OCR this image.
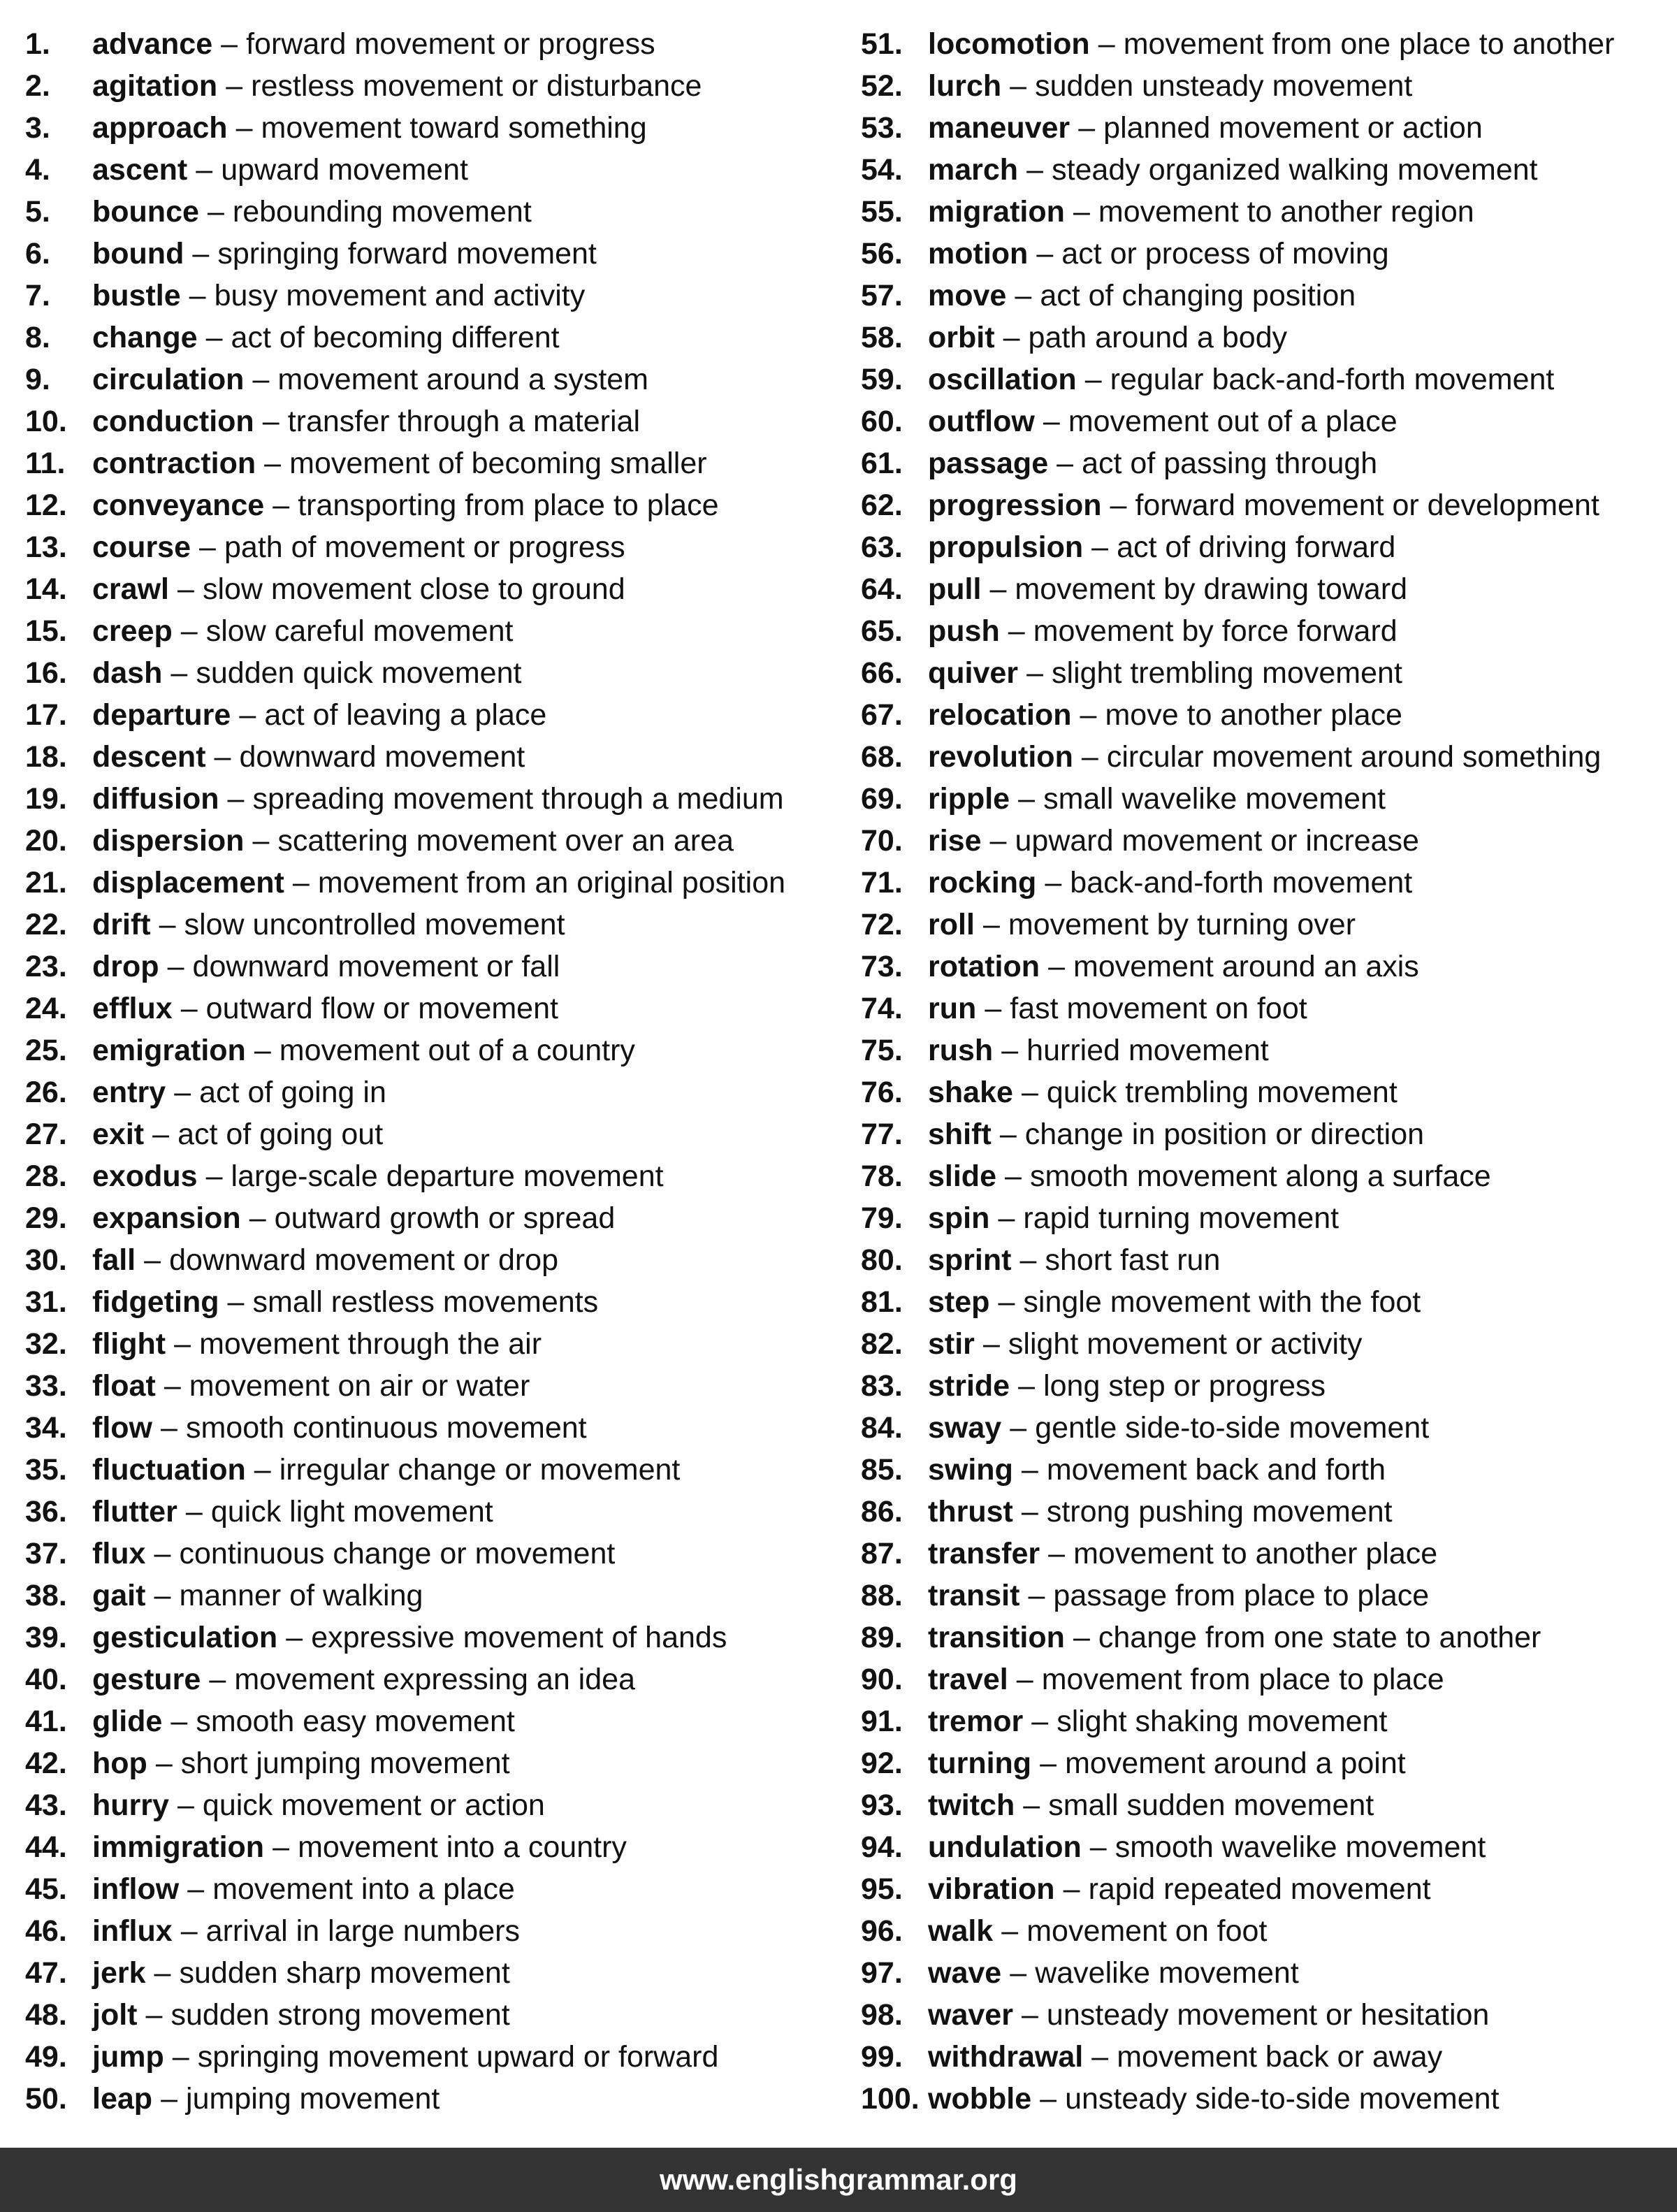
1.	advance – forward movement or progress
2.	agitation – restless movement or disturbance
3.	approach – movement toward something
4.	ascent – upward movement
5.	bounce – rebounding movement
6.	bound – springing forward movement
7.	bustle – busy movement and activity
8.	change – act of becoming different
9.	circulation – movement around a system
10. conduction – transfer through a material
11. contraction – movement of becoming smaller
12. conveyance – transporting from place to place
13. course – path of movement or progress
14. crawl – slow movement close to ground
15. creep – slow careful movement
16. dash – sudden quick movement
17. departure – act of leaving a place
18. descent – downward movement
19. diffusion – spreading movement through a medium
20. dispersion – scattering movement over an area
21. displacement – movement from an original position
22. drift – slow uncontrolled movement
23. drop – downward movement or fall
24. efflux – outward flow or movement
25. emigration – movement out of a country
26. entry – act of going in
27. exit – act of going out
28. exodus – large-scale departure movement
29. expansion – outward growth or spread
30. fall – downward movement or drop
31. fidgeting – small restless movements
32. flight – movement through the air
33. float – movement on air or water
34. flow – smooth continuous movement
35. fluctuation – irregular change or movement
36. flutter – quick light movement
37. flux – continuous change or movement
38. gait – manner of walking
39. gesticulation – expressive movement of hands
40. gesture – movement expressing an idea
41. glide – smooth easy movement
42. hop – short jumping movement
43. hurry – quick movement or action
44. immigration – movement into a country
45. inflow – movement into a place
46. influx – arrival in large numbers
47. jerk – sudden sharp movement
48. jolt – sudden strong movement
49. jump – springing movement upward or forward
50. leap – jumping movement
51. locomotion – movement from one place to another
52. lurch – sudden unsteady movement
53. maneuver – planned movement or action
54. march – steady organized walking movement
55. migration – movement to another region
56. motion – act or process of moving
57. move – act of changing position
58. orbit – path around a body
59. oscillation – regular back-and-forth movement
60. outflow – movement out of a place
61. passage – act of passing through
62. progression – forward movement or development
63. propulsion – act of driving forward
64. pull – movement by drawing toward
65. push – movement by force forward
66. quiver – slight trembling movement
67. relocation – move to another place
68. revolution – circular movement around something
69. ripple – small wavelike movement
70. rise – upward movement or increase
71. rocking – back-and-forth movement
72. roll – movement by turning over
73. rotation – movement around an axis
74. run – fast movement on foot
75. rush – hurried movement
76. shake – quick trembling movement
77. shift – change in position or direction
78. slide – smooth movement along a surface
79. spin – rapid turning movement
80. sprint – short fast run
81. step – single movement with the foot
82. stir – slight movement or activity
83. stride – long step or progress
84. sway – gentle side-to-side movement
85. swing – movement back and forth
86. thrust – strong pushing movement
87. transfer – movement to another place
88. transit – passage from place to place
89. transition – change from one state to another
90. travel – movement from place to place
91. tremor – slight shaking movement
92. turning – movement around a point
93. twitch – small sudden movement
94. undulation – smooth wavelike movement
95. vibration – rapid repeated movement
96. walk – movement on foot
97. wave – wavelike movement
98. waver – unsteady movement or hesitation
99. withdrawal – movement back or away
100. wobble – unsteady side-to-side movement
www.englishgrammar.org
